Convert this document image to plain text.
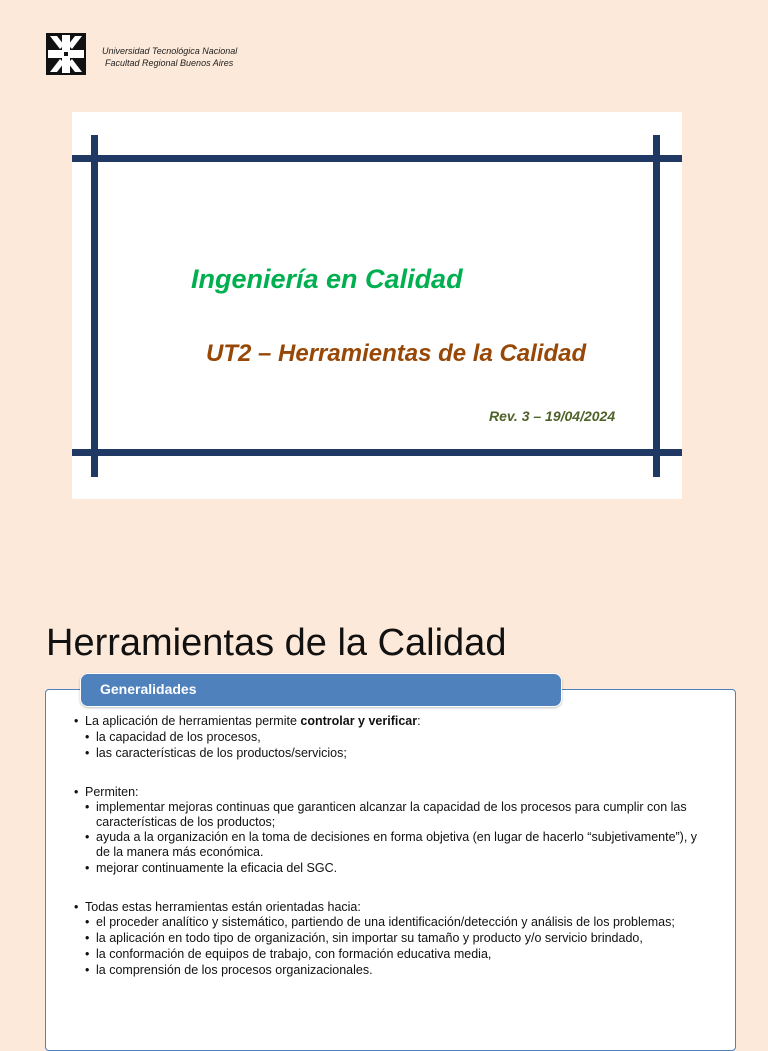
Universidad Tecnológica Nacional
Facultad Regional Buenos Aires
Ingeniería en Calidad
UT2 – Herramientas de la Calidad
Rev. 3 – 19/04/2024
Herramientas de la Calidad
Generalidades
• La aplicación de herramientas permite controlar y verificar:
• la capacidad de los procesos,
• las características de los productos/servicios;
• Permiten:
• implementar mejoras continuas que garanticen alcanzar la capacidad de los procesos para cumplir con las características de los productos;
• ayuda a la organización en la toma de decisiones en forma objetiva (en lugar de hacerlo “subjetivamente”), y de la manera más económica.
• mejorar continuamente la eficacia del SGC.
• Todas estas herramientas están orientadas hacia:
• el proceder analítico y sistemático, partiendo de una identificación/detección y análisis de los problemas;
• la aplicación en todo tipo de organización, sin importar su tamaño y producto y/o servicio brindado,
• la conformación de equipos de trabajo, con formación educativa media,
• la comprensión de los procesos organizacionales.
